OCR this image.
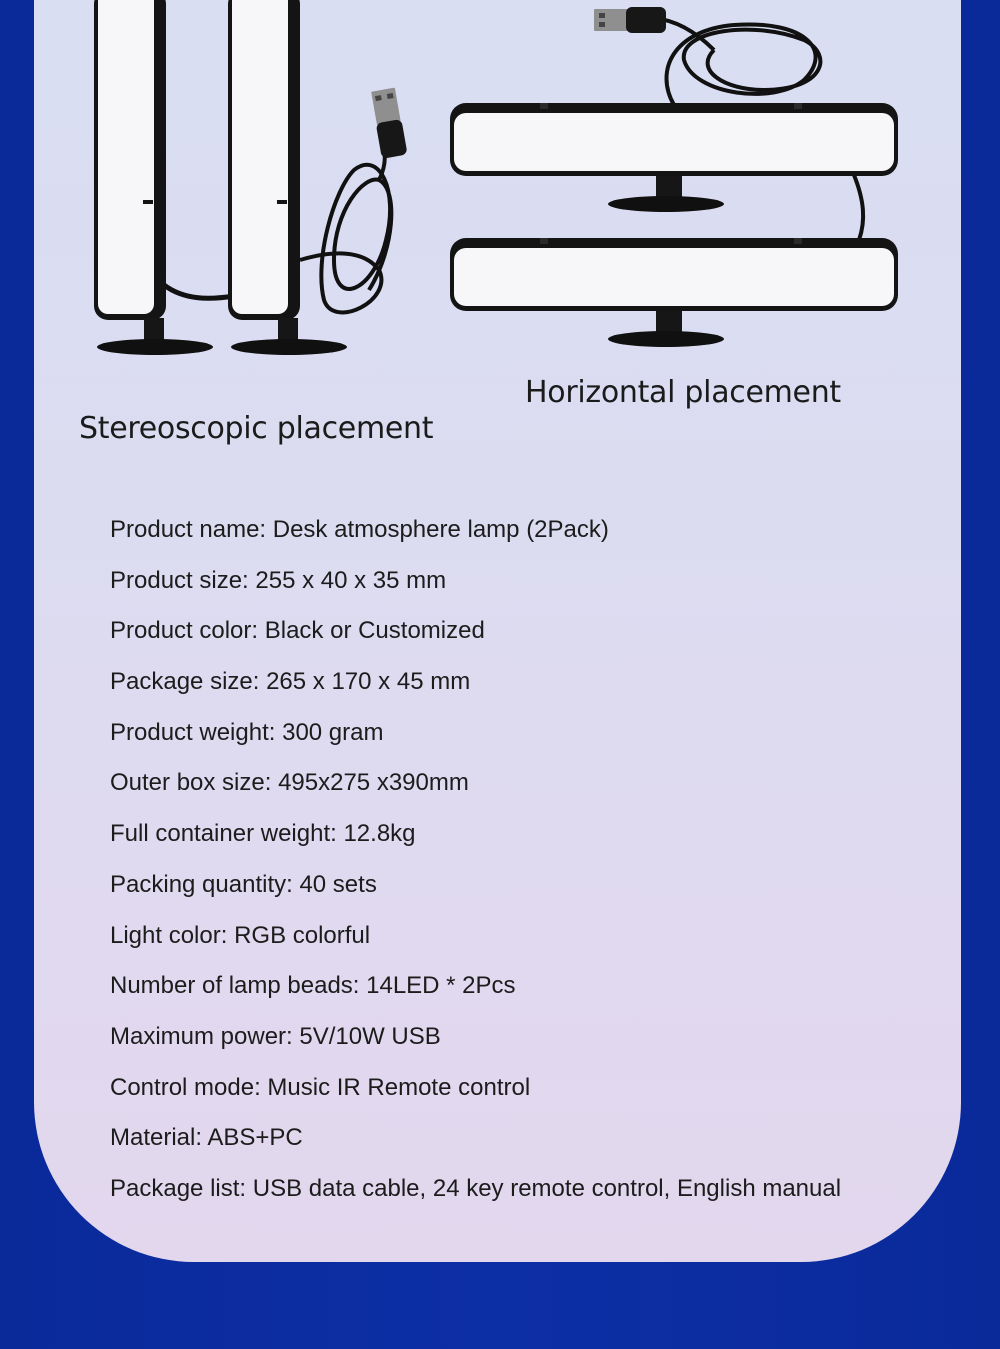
Stereoscopic placement
Horizontal placement
Product name: Desk atmosphere lamp (2Pack)
Product size: 255 x 40 x 35 mm
Product color: Black or Customized
Package size: 265 x 170 x 45 mm
Product weight: 300 gram
Outer box size: 495x275 x390mm
Full container weight: 12.8kg
Packing quantity: 40 sets
Light color: RGB colorful
Number of lamp beads: 14LED * 2Pcs
Maximum power: 5V/10W USB
Control mode: Music IR Remote control
Material: ABS+PC
Package list: USB data cable, 24 key remote control, English manual
